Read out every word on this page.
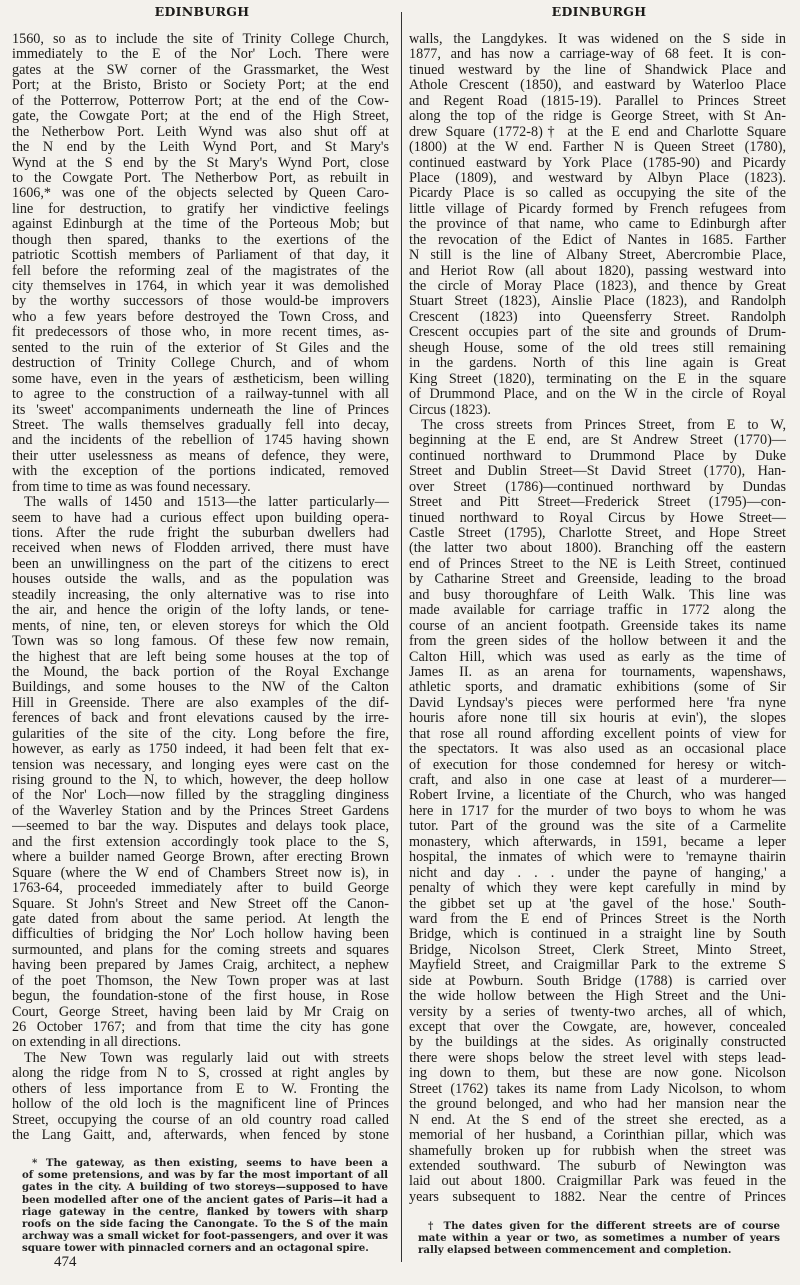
EDINBURGH	EDINBURGH
1560, so as to include the site of Trinity College Church,
immediately to the E of the Nor' Loch. There were
gates at the SW corner of the Grassmarket, the West
Port; at the Bristo, Bristo or Society Port; at the end
of the Potterrow, Potterrow Port; at the end of the Cow-
gate, the Cowgate Port; at the end of the High Street,
the Netherbow Port. Leith Wynd was also shut off at
the N end by the Leith Wynd Port, and St Mary's
Wynd at the S end by the St Mary's Wynd Port, close
to the Cowgate Port. The Netherbow Port, as rebuilt in
1606,* was one of the objects selected by Queen Caro-
line for destruction, to gratify her vindictive feelings
against Edinburgh at the time of the Porteous Mob; but
though then spared, thanks to the exertions of the
patriotic Scottish members of Parliament of that day, it
fell before the reforming zeal of the magistrates of the
city themselves in 1764, in which year it was demolished
by the worthy successors of those would-be improvers
who a few years before destroyed the Town Cross, and
fit predecessors of those who, in more recent times, as-
sented to the ruin of the exterior of St Giles and the
destruction of Trinity College Church, and of whom
some have, even in the years of æstheticism, been willing
to agree to the construction of a railway-tunnel with all
its 'sweet' accompaniments underneath the line of Princes
Street. The walls themselves gradually fell into decay,
and the incidents of the rebellion of 1745 having shown
their utter uselessness as means of defence, they were,
with the exception of the portions indicated, removed
from time to time as was found necessary.
The walls of 1450 and 1513—the latter particularly—
seem to have had a curious effect upon building opera-
tions. After the rude fright the suburban dwellers had
received when news of Flodden arrived, there must have
been an unwillingness on the part of the citizens to erect
houses outside the walls, and as the population was
steadily increasing, the only alternative was to rise into
the air, and hence the origin of the lofty lands, or tene-
ments, of nine, ten, or eleven storeys for which the Old
Town was so long famous. Of these few now remain,
the highest that are left being some houses at the top of
the Mound, the back portion of the Royal Exchange
Buildings, and some houses to the NW of the Calton
Hill in Greenside. There are also examples of the dif-
ferences of back and front elevations caused by the irre-
gularities of the site of the city. Long before the fire,
however, as early as 1750 indeed, it had been felt that ex-
tension was necessary, and longing eyes were cast on the
rising ground to the N, to which, however, the deep hollow
of the Nor' Loch—now filled by the straggling dinginess
of the Waverley Station and by the Princes Street Gardens
—seemed to bar the way. Disputes and delays took place,
and the first extension accordingly took place to the S,
where a builder named George Brown, after erecting Brown
Square (where the W end of Chambers Street now is), in
1763-64, proceeded immediately after to build George
Square. St John's Street and New Street off the Canon-
gate dated from about the same period. At length the
difficulties of bridging the Nor' Loch hollow having been
surmounted, and plans for the coming streets and squares
having been prepared by James Craig, architect, a nephew
of the poet Thomson, the New Town proper was at last
begun, the foundation-stone of the first house, in Rose
Court, George Street, having been laid by Mr Craig on
26 October 1767; and from that time the city has gone
on extending in all directions.
The New Town was regularly laid out with streets
along the ridge from N to S, crossed at right angles by
others of less importance from E to W. Fronting the
hollow of the old loch is the magnificent line of Princes
Street, occupying the course of an old country road called
the Lang Gaitt, and, afterwards, when fenced by stone
walls, the Langdykes. It was widened on the S side in
1877, and has now a carriage-way of 68 feet. It is con-
tinued westward by the line of Shandwick Place and
Athole Crescent (1850), and eastward by Waterloo Place
and Regent Road (1815-19). Parallel to Princes Street
along the top of the ridge is George Street, with St An-
drew Square (1772-8)† at the E end and Charlotte Square
(1800) at the W end. Farther N is Queen Street (1780),
continued eastward by York Place (1785-90) and Picardy
Place (1809), and westward by Albyn Place (1823).
Picardy Place is so called as occupying the site of the
little village of Picardy formed by French refugees from
the province of that name, who came to Edinburgh after
the revocation of the Edict of Nantes in 1685. Farther
N still is the line of Albany Street, Abercrombie Place,
and Heriot Row (all about 1820), passing westward into
the circle of Moray Place (1823), and thence by Great
Stuart Street (1823), Ainslie Place (1823), and Randolph
Crescent (1823) into Queensferry Street. Randolph
Crescent occupies part of the site and grounds of Drum-
sheugh House, some of the old trees still remaining
in the gardens. North of this line again is Great
King Street (1820), terminating on the E in the square
of Drummond Place, and on the W in the circle of Royal
Circus (1823).
The cross streets from Princes Street, from E to W,
beginning at the E end, are St Andrew Street (1770)—
continued northward to Drummond Place by Duke
Street and Dublin Street—St David Street (1770), Han-
over Street (1786)—continued northward by Dundas
Street and Pitt Street—Frederick Street (1795)—con-
tinued northward to Royal Circus by Howe Street—
Castle Street (1795), Charlotte Street, and Hope Street
(the latter two about 1800). Branching off the eastern
end of Princes Street to the NE is Leith Street, continued
by Catharine Street and Greenside, leading to the broad
and busy thoroughfare of Leith Walk. This line was
made available for carriage traffic in 1772 along the
course of an ancient footpath. Greenside takes its name
from the green sides of the hollow between it and the
Calton Hill, which was used as early as the time of
James II. as an arena for tournaments, wapenshaws,
athletic sports, and dramatic exhibitions (some of Sir
David Lyndsay's pieces were performed here 'fra nyne
houris afore none till six houris at evin'), the slopes
that rose all round affording excellent points of view for
the spectators. It was also used as an occasional place
of execution for those condemned for heresy or witch-
craft, and also in one case at least of a murderer—
Robert Irvine, a licentiate of the Church, who was hanged
here in 1717 for the murder of two boys to whom he was
tutor. Part of the ground was the site of a Carmelite
monastery, which afterwards, in 1591, became a leper
hospital, the inmates of which were to 'remayne thairin
nicht and day . . . under the payne of hanging,' a
penalty of which they were kept carefully in mind by
the gibbet set up at 'the gavel of the hose.' South-
ward from the E end of Princes Street is the North
Bridge, which is continued in a straight line by South
Bridge, Nicolson Street, Clerk Street, Minto Street,
Mayfield Street, and Craigmillar Park to the extreme S
side at Powburn. South Bridge (1788) is carried over
the wide hollow between the High Street and the Uni-
versity by a series of twenty-two arches, all of which,
except that over the Cowgate, are, however, concealed
by the buildings at the sides. As originally constructed
there were shops below the street level with steps lead-
ing down to them, but these are now gone. Nicolson
Street (1762) takes its name from Lady Nicolson, to whom
the ground belonged, and who had her mansion near the
N end. At the S end of the street she erected, as a
memorial of her husband, a Corinthian pillar, which was
shamefully broken up for rubbish when the street was
extended southward. The suburb of Newington was
laid out about 1800. Craigmillar Park was feued in the
years subsequent to 1882. Near the centre of Princes
* The gateway, as then existing, seems to have been a
of some pretensions, and was by far the most important of all
gates in the city. A building of two storeys—supposed to have
been modelled after one of the ancient gates of Paris—it had a
riage gateway in the centre, flanked by towers with sharp
roofs on the side facing the Canongate. To the S of the main
archway was a small wicket for foot-passengers, and over it was
square tower with pinnacled corners and an octagonal spire.
† The dates given for the different streets are of course
mate within a year or two, as sometimes a number of years
rally elapsed between commencement and completion.
474
